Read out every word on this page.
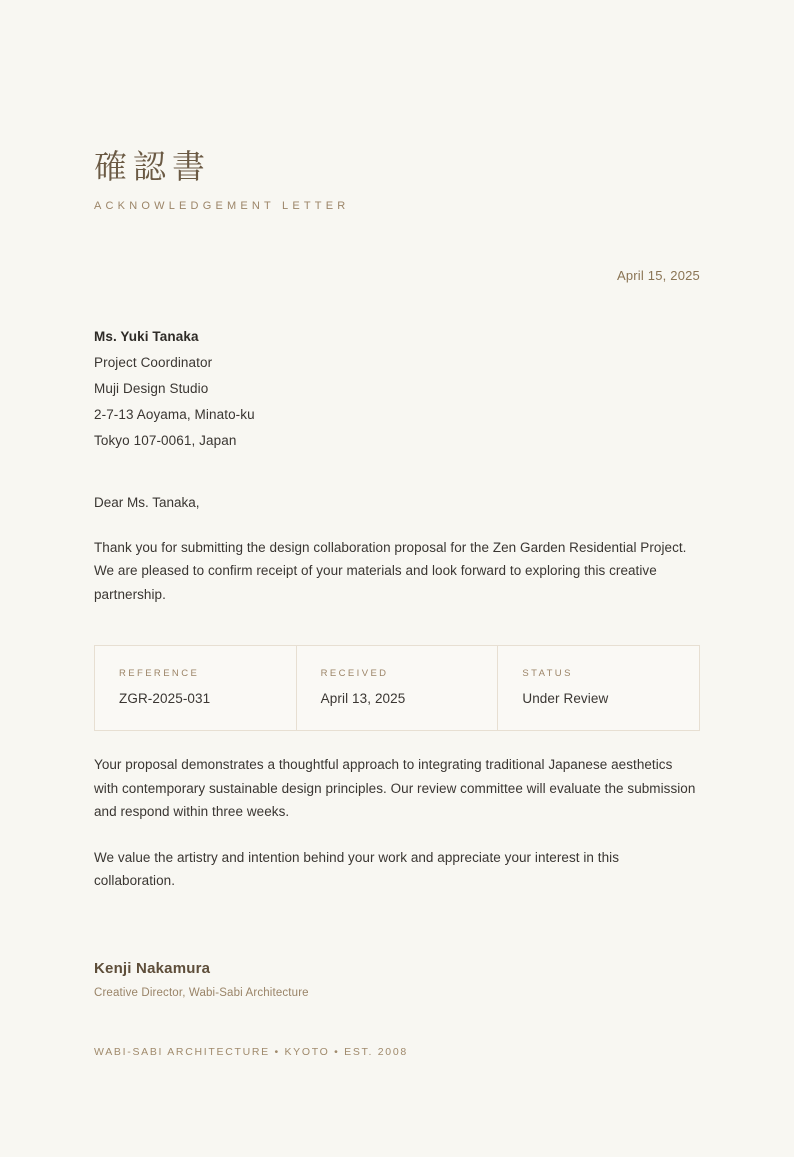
確認書
ACKNOWLEDGEMENT LETTER
April 15, 2025
Ms. Yuki Tanaka
Project Coordinator
Muji Design Studio
2-7-13 Aoyama, Minato-ku
Tokyo 107-0061, Japan
Dear Ms. Tanaka,

Thank you for submitting the design collaboration proposal for the Zen Garden Residential Project. We are pleased to confirm receipt of your materials and look forward to exploring this creative partnership.

REFERENCE
ZGR-2025-031
RECEIVED
April 13, 2025
STATUS
Under Review

Your proposal demonstrates a thoughtful approach to integrating traditional Japanese aesthetics with contemporary sustainable design principles. Our review committee will evaluate the submission and respond within three weeks.

We value the artistry and intention behind your work and appreciate your interest in this collaboration.

Kenji Nakamura
Creative Director, Wabi-Sabi Architecture
WABI-SABI ARCHITECTURE • KYOTO • EST. 2008
